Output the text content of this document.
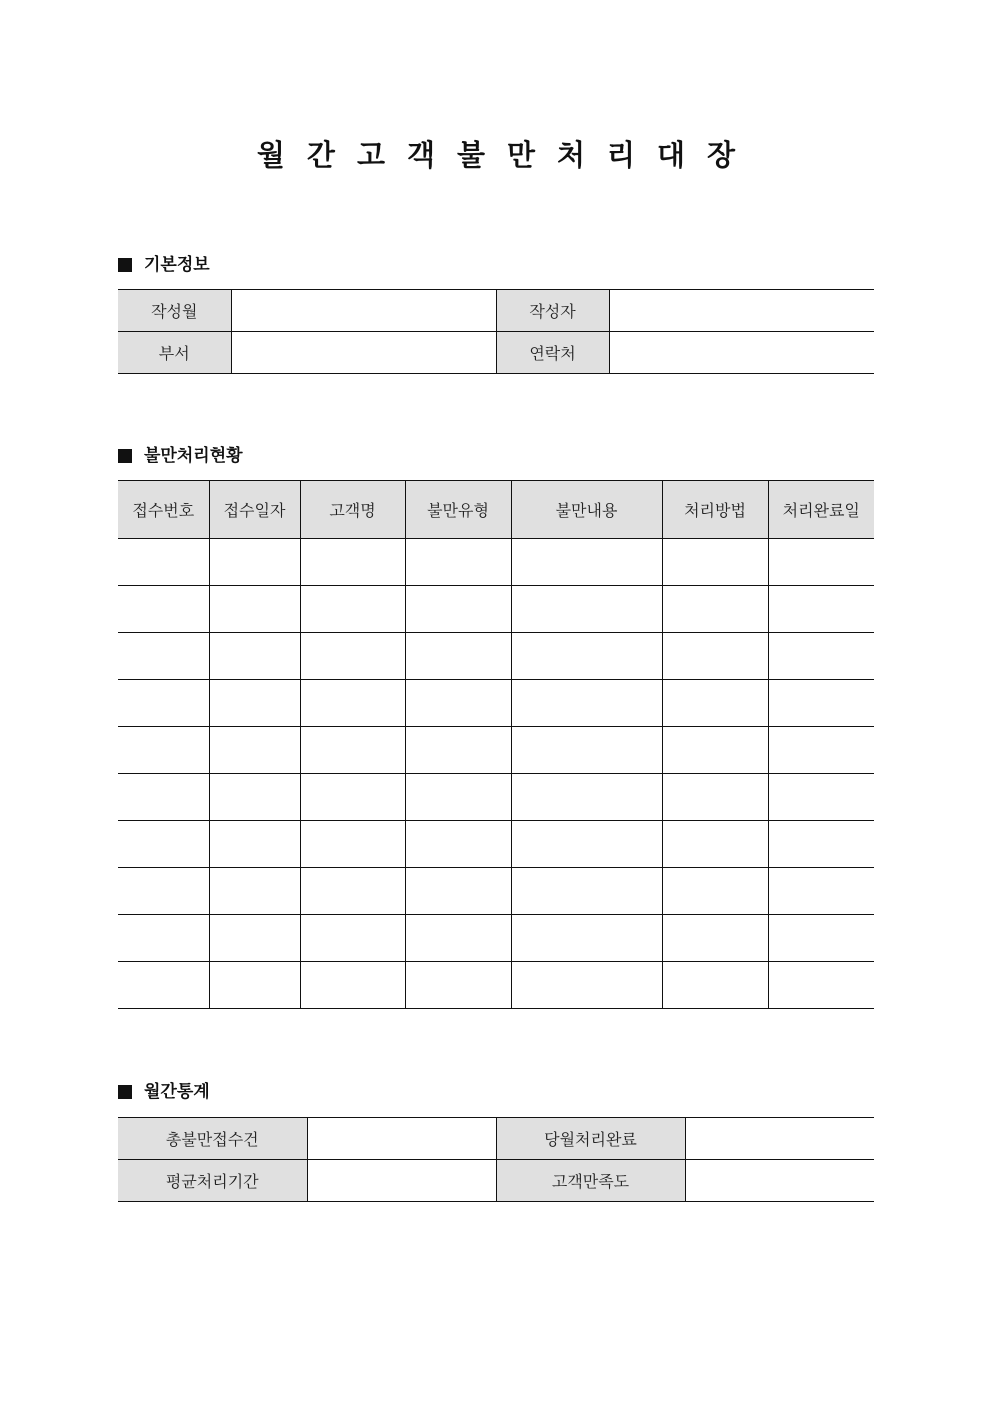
월간고객불만처리대장
기본정보
작성월		작성자	
부서		연락처	
불만처리현황
접수번호	접수일자	고객명	불만유형	불만내용	처리방법	처리완료일

월간통계
총불만접수건		당월처리완료	
평균처리기간		고객만족도	
